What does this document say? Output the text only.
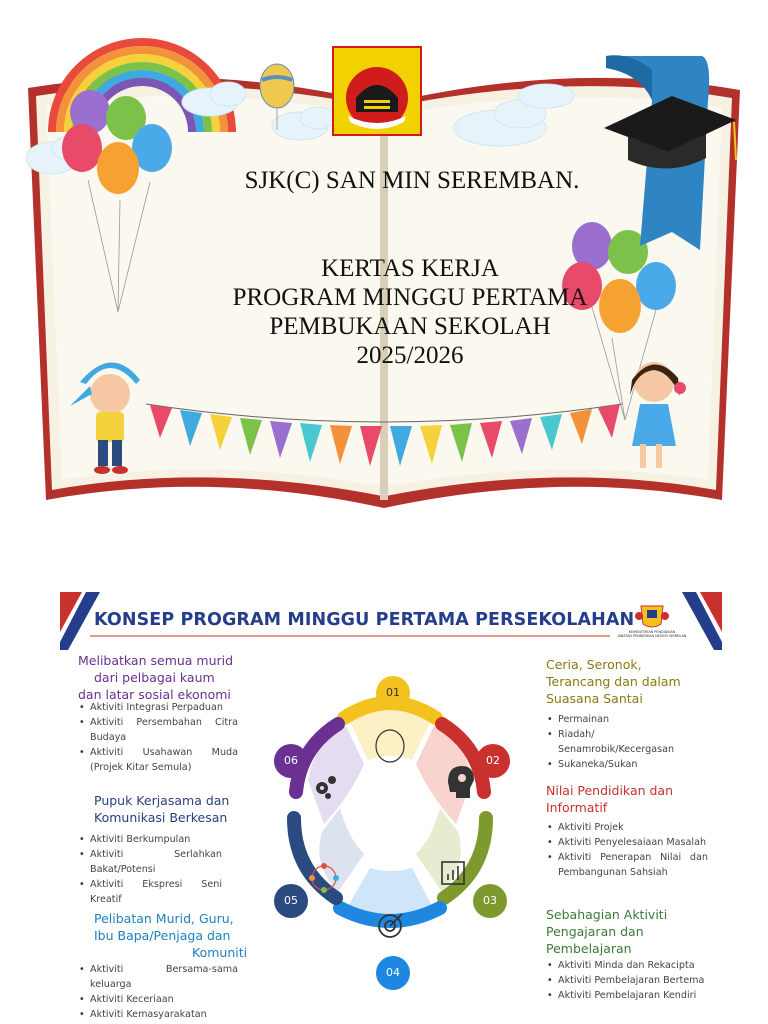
SJK(C) SAN MIN SEREMBAN.
KERTAS KERJA
PROGRAM MINGGU PERTAMA
PEMBUKAAN SEKOLAH
2025/2026
KONSEP PROGRAM MINGGU PERTAMA PERSEKOLAHAN
KEMENTERIAN PENDIDIKAN
JABATAN PENDIDIKAN NEGERI SEMBILAN
Melibatkan semua murid
dari pelbagai kaum
dan latar sosial ekonomi
• Aktiviti Integrasi Perpaduan
• Aktiviti Persembahan Citra Budaya
• Aktiviti Usahawan Muda (Projek Kitar Semula)
Pupuk Kerjasama dan
Komunikasi Berkesan
• Aktiviti Berkumpulan
• Aktiviti Serlahkan Bakat/Potensi
• Aktiviti Ekspresi Seni Kreatif
Pelibatan Murid, Guru,
Ibu Bapa/Penjaga dan
Komuniti
• Aktiviti Bersama-sama keluarga
• Aktiviti Keceriaan
• Aktiviti Kemasyarakatan
Ceria, Seronok,
Terancang dan dalam
Suasana Santai
• Permainan
• Riadah/ Senamrobik/Kecergasan
• Sukaneka/Sukan
Nilai Pendidikan dan
Informatif
• Aktiviti Projek
• Aktiviti Penyelesaiaan Masalah
• Aktiviti Penerapan Nilai dan Pembangunan Sahsiah
Sebahagian Aktiviti
Pengajaran dan
Pembelajaran
• Aktiviti Minda dan Rekacipta
• Aktiviti Pembelajaran Bertema
• Aktiviti Pembelajaran Kendiri
01
02
03
04
05
06
